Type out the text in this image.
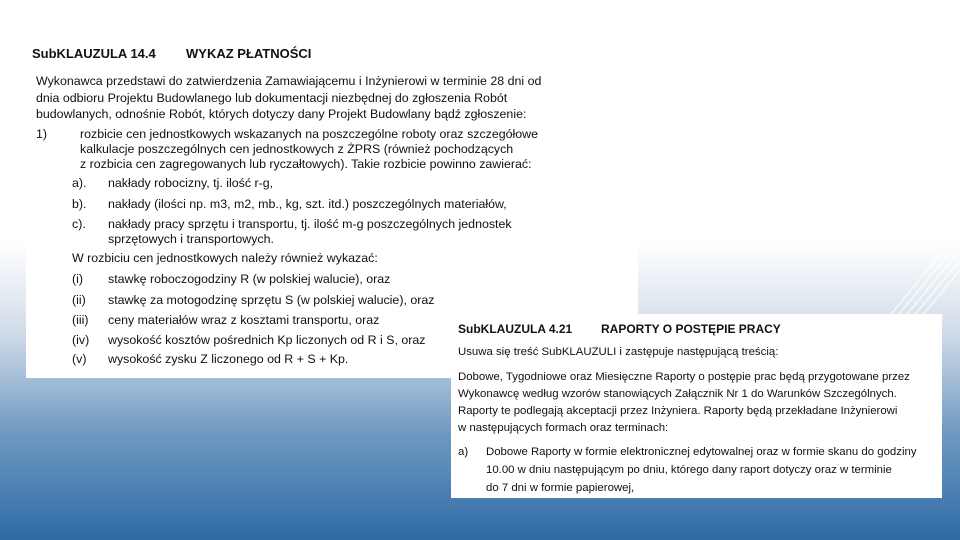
SubKLAUZULA 14.4 WYKAZ PŁATNOŚCI
Wykonawca przedstawi do zatwierdzenia Zamawiającemu i Inżynierowi w terminie 28 dni od
dnia odbioru Projektu Budowlanego lub dokumentacji niezbędnej do zgłoszenia Robót
budowlanych, odnośnie Robót, których dotyczy dany Projekt Budowlany bądź zgłoszenie:
1)	rozbicie cen jednostkowych wskazanych na poszczególne roboty oraz szczegółowe
kalkulacje poszczególnych cen jednostkowych z ŻPRS (również pochodzących
z rozbicia cen zagregowanych lub ryczałtowych). Takie rozbicie powinno zawierać:
a). nakłady robocizny, tj. ilość r-g,
b). nakłady (ilości np. m3, m2, mb., kg, szt. itd.) poszczególnych materiałów,
c). nakłady pracy sprzętu i transportu, tj. ilość m-g poszczególnych jednostek
sprzętowych i transportowych.
W rozbiciu cen jednostkowych należy również wykazać:
(i) stawkę roboczogodziny R (w polskiej walucie), oraz
(ii) stawkę za motogodzinę sprzętu S (w polskiej walucie), oraz
(iii) ceny materiałów wraz z kosztami transportu, oraz
(iv) wysokość kosztów pośrednich Kp liczonych od R i S, oraz
(v) wysokość zysku Z liczonego od R + S + Kp.
SubKLAUZULA 4.21 RAPORTY O POSTĘPIE PRACY
Usuwa się treść SubKLAUZULI i zastępuje następującą treścią:
Dobowe, Tygodniowe oraz Miesięczne Raporty o postępie prac będą przygotowane przez
Wykonawcę według wzorów stanowiących Załącznik Nr 1 do Warunków Szczególnych.
Raporty te podlegają akceptacji przez Inżyniera. Raporty będą przekładane Inżynierowi
w następujących formach oraz terminach:
a) Dobowe Raporty w formie elektronicznej edytowalnej oraz w formie skanu do godziny
10.00 w dniu następującym po dniu, którego dany raport dotyczy oraz w terminie
do 7 dni w formie papierowej,
